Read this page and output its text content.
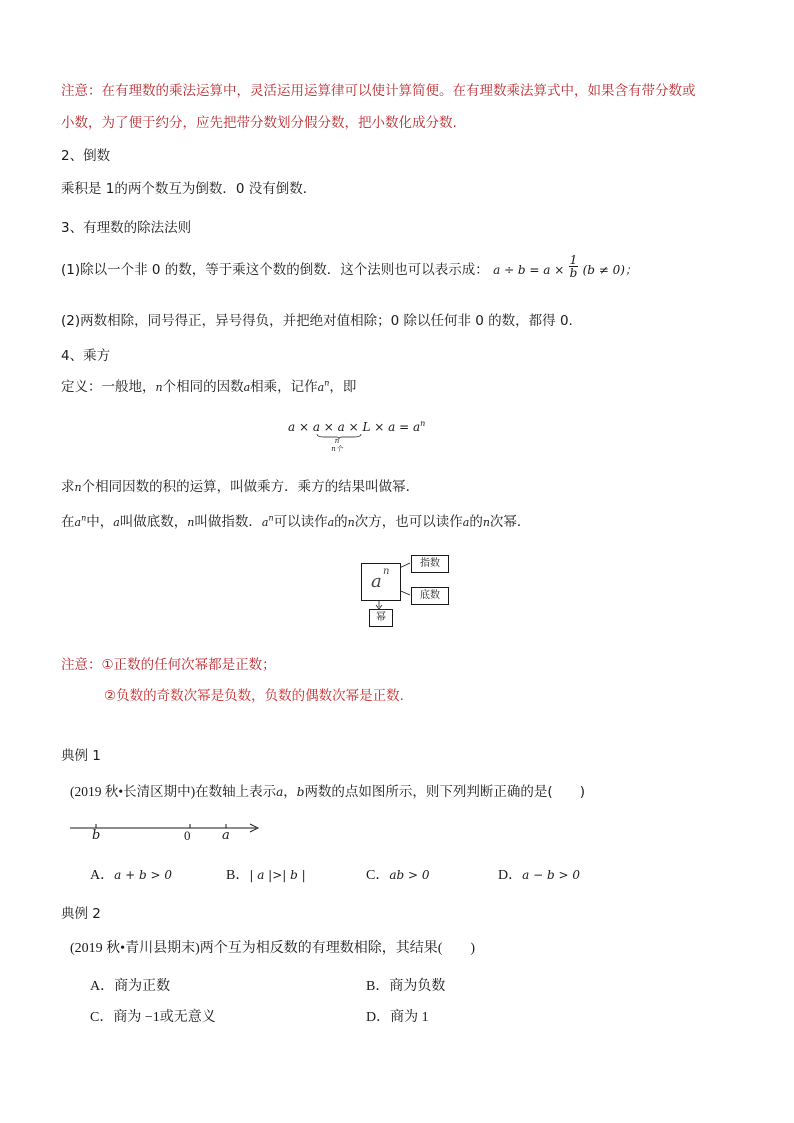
注意：在有理数的乘法运算中，灵活运用运算律可以使计算简便。在有理数乘法算式中，如果含有带分数或
小数，为了便于约分，应先把带分数划分假分数，把小数化成分数.
2、倒数
乘积是 1的两个数互为倒数．0 没有倒数．
3、有理数的除法法则
(1)除以一个非 0 的数，等于乘这个数的倒数．这个法则也可以表示成： $a \div b = a \times \frac{1}{b} (b \ne 0)$；
(2)两数相除，同号得正，异号得负，并把绝对值相除；0 除以任何非 0 的数，都得 0.
4、乘方
定义：一般地，n个相同的因数a相乘，记作$a^n$，即
$a \times a \times a \times L \times a = a^n$
n
n个
求n个相同因数的积的运算，叫做乘方．乘方的结果叫做幂．
在$a^n$中，a叫做底数，n叫做指数．$a^n$可以读作a的n次方，也可以读作a的n次幂．
a n
指数
底数
幂
注意：①正数的任何次幂都是正数；
②负数的奇数次幂是负数，负数的偶数次幂是正数.
典例 1
(2019 秋•长清区期中)在数轴上表示a，b两数的点如图所示，则下列判断正确的是(　　)
b	0 a
A．a + b > 0	B．| a |>| b |	C．ab > 0	D．a − b > 0
典例 2
(2019 秋•青川县期末)两个互为相反数的有理数相除，其结果(　　)
A．商为正数	B．商为负数
C．商为 −1或无意义	D．商为 1
